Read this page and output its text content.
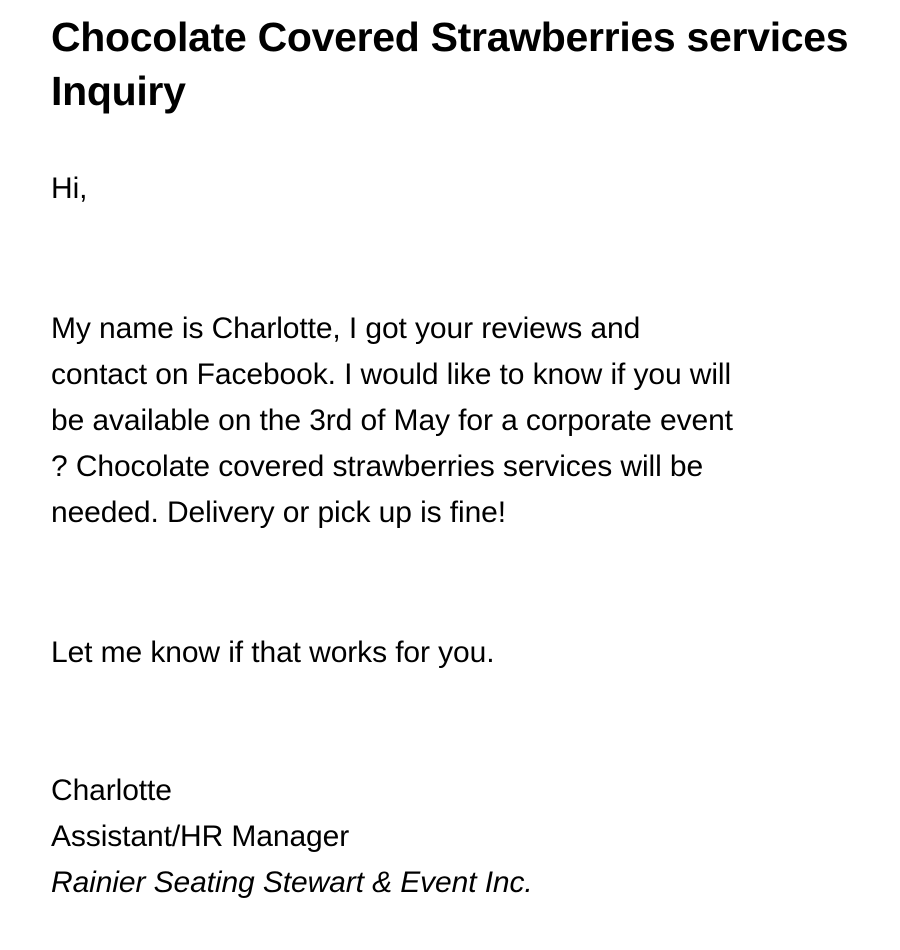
Chocolate Covered Strawberries services Inquiry

Hi,

My name is Charlotte, I got your reviews and
contact on Facebook. I would like to know if you will
be available on the 3rd of May for a corporate event
? Chocolate covered strawberries services will be
needed. Delivery or pick up is fine!

Let me know if that works for you.

Charlotte
Assistant/HR Manager
Rainier Seating Stewart & Event Inc.
